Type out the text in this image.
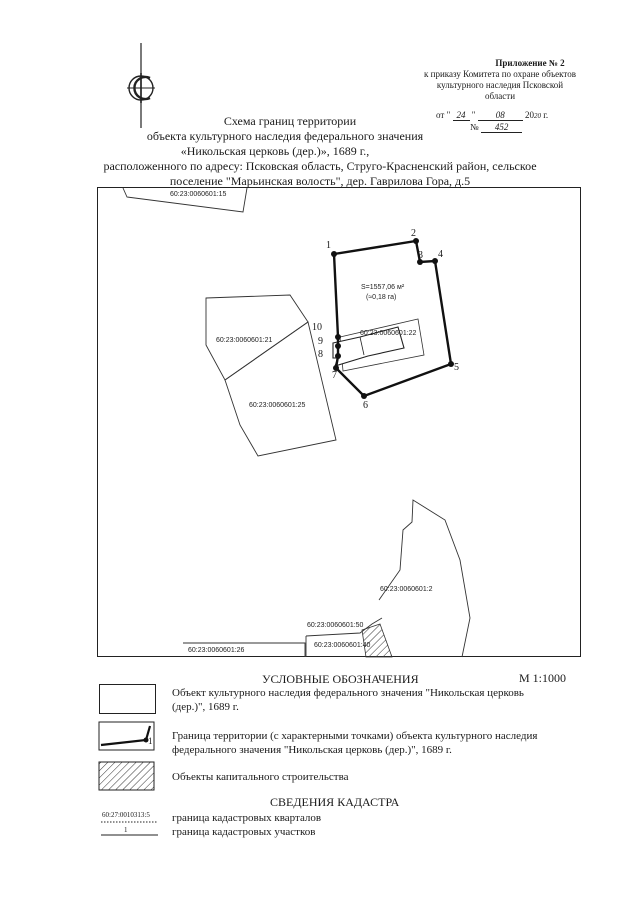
Приложение № 2
к приказу Комитета по охране объектов
культурного наследия Псковской
области
от " 24 " 08 2020 г.
№ 452
Схема границ территории
объекта культурного наследия федерального значения
«Никольская церковь (дер.)», 1689 г.,
расположенного по адресу: Псковская область, Струго-Красненский район, сельское
поселение "Марьинская волость", дер. Гаврилова Гора, д.5
60:23:0060601:15
60:23:0060601:21
60:23:0060601:25
60:23:0060601:22
60:23:0060601:2
60:23:0060601:50
60:23:0060601:40
60:23:0060601:26
S=1557,06 м²
(≈0,18 га)
1
2
3 4
5
6
7
8
9
10
УСЛОВНЫЕ ОБОЗНАЧЕНИЯ	М 1:1000
Объект культурного наследия федерального значения "Никольская церковь
(дер.)", 1689 г.
1 Граница территории (с характерными точками) объекта культурного наследия
федерального значения "Никольская церковь (дер.)", 1689 г.
Объекты капитального строительства
СВЕДЕНИЯ КАДАСТРА
60:27:0010313:5 граница кадастровых кварталов
1	граница кадастровых участков
